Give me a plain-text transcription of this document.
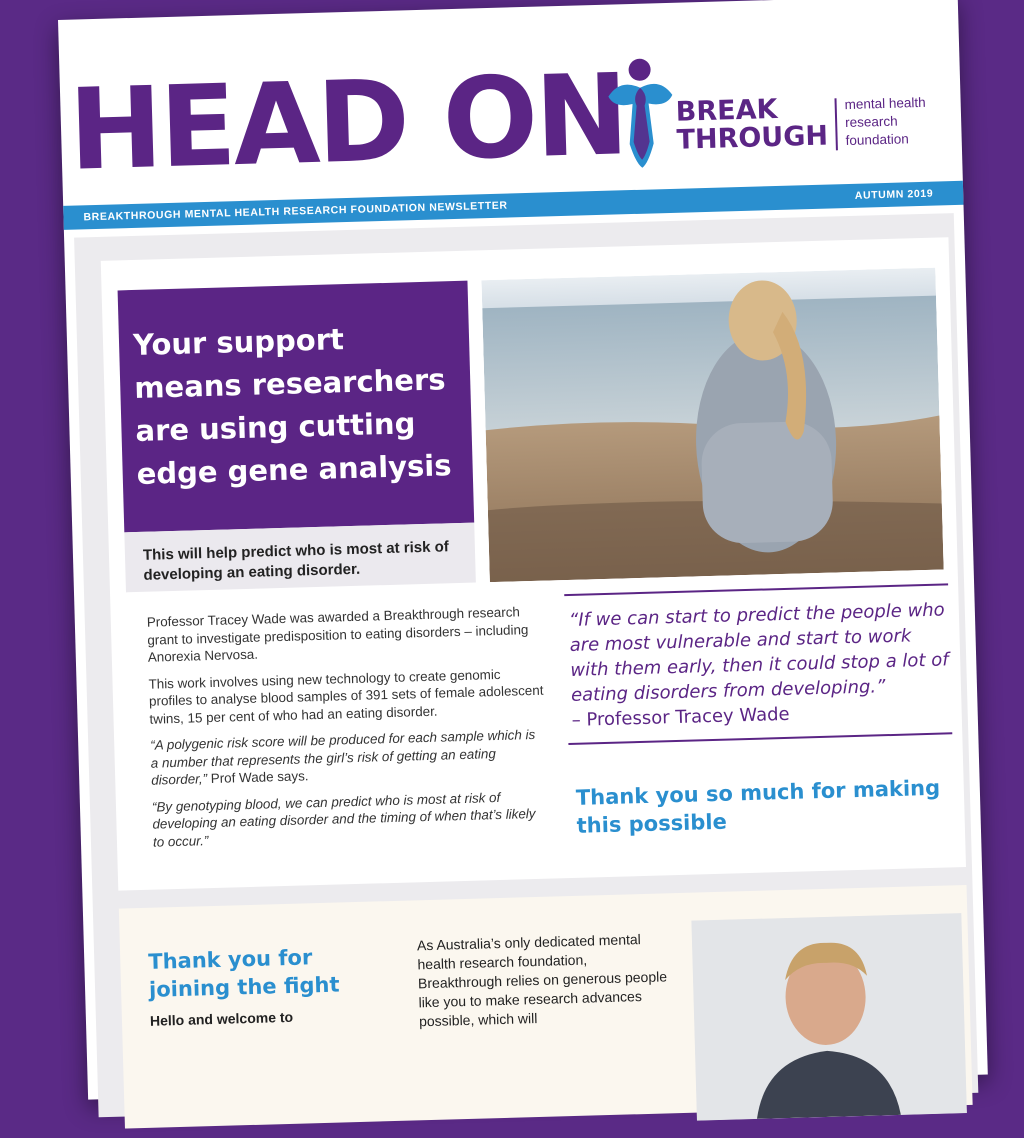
HEAD ON BREAK
THROUGH
mental health
research
foundation
BREAKTHROUGH MENTAL HEALTH RESEARCH FOUNDATION NEWSLETTER
AUTUMN 2019
Your support means researchers are using cutting edge gene analysis
This will help predict who is most at risk of developing an eating disorder.

Professor Tracey Wade was awarded a Breakthrough research grant to investigate predisposition to eating disorders – including Anorexia Nervosa.

This work involves using new technology to create genomic profiles to analyse blood samples of 391 sets of female adolescent twins, 15 per cent of who had an eating disorder.

“A polygenic risk score will be produced for each sample which is a number that represents the girl’s risk of getting an eating disorder,” Prof Wade says.

“By genotyping blood, we can predict who is most at risk of developing an eating disorder and the timing of when that’s likely to occur.”

“If we can start to predict the people who are most vulnerable and start to work with them early, then it could stop a lot of eating disorders from developing.”
– Professor Tracey Wade
Thank you so much for making this possible
Thank you for joining the fight
Hello and welcome to
As Australia’s only dedicated mental health research foundation, Breakthrough relies on generous people like you to make research advances possible, which will
